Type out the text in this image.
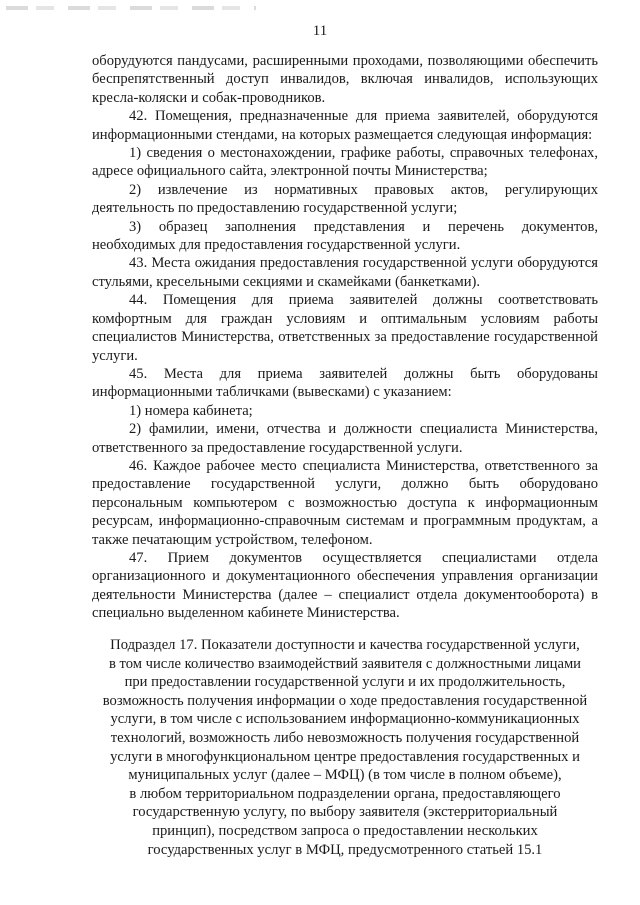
11

оборудуются пандусами, расширенными проходами, позволяющими обеспечить беспрепятственный доступ инвалидов, включая инвалидов, использующих кресла-коляски и собак-проводников.

42. Помещения, предназначенные для приема заявителей, оборудуются информационными стендами, на которых размещается следующая информация:

1) сведения о местонахождении, графике работы, справочных телефонах, адресе официального сайта, электронной почты Министерства;

2) извлечение из нормативных правовых актов, регулирующих деятельность по предоставлению государственной услуги;

3) образец заполнения представления и перечень документов, необходимых для предоставления государственной услуги.

43. Места ожидания предоставления государственной услуги оборудуются стульями, кресельными секциями и скамейками (банкетками).

44. Помещения для приема заявителей должны соответствовать комфортным для граждан условиям и оптимальным условиям работы специалистов Министерства, ответственных за предоставление государственной услуги.

45. Места для приема заявителей должны быть оборудованы информационными табличками (вывесками) с указанием:

1) номера кабинета;

2) фамилии, имени, отчества и должности специалиста Министерства, ответственного за предоставление государственной услуги.

46. Каждое рабочее место специалиста Министерства, ответственного за предоставление государственной услуги, должно быть оборудовано персональным компьютером с возможностью доступа к информационным ресурсам, информационно-справочным системам и программным продуктам, а также печатающим устройством, телефоном.

47. Прием документов осуществляется специалистами отдела организационного и документационного обеспечения управления организации деятельности Министерства (далее – специалист отдела документооборота) в специально выделенном кабинете Министерства.

Подраздел 17. Показатели доступности и качества государственной услуги,
в том числе количество взаимодействий заявителя с должностными лицами
при предоставлении государственной услуги и их продолжительность,
возможность получения информации о ходе предоставления государственной
услуги, в том числе с использованием информационно-коммуникационных
технологий, возможность либо невозможность получения государственной
услуги в многофункциональном центре предоставления государственных и
муниципальных услуг (далее – МФЦ) (в том числе в полном объеме),
в любом территориальном подразделении органа, предоставляющего
государственную услугу, по выбору заявителя (экстерриториальный
принцип), посредством запроса о предоставлении нескольких
государственных услуг в МФЦ, предусмотренного статьей 15.1
